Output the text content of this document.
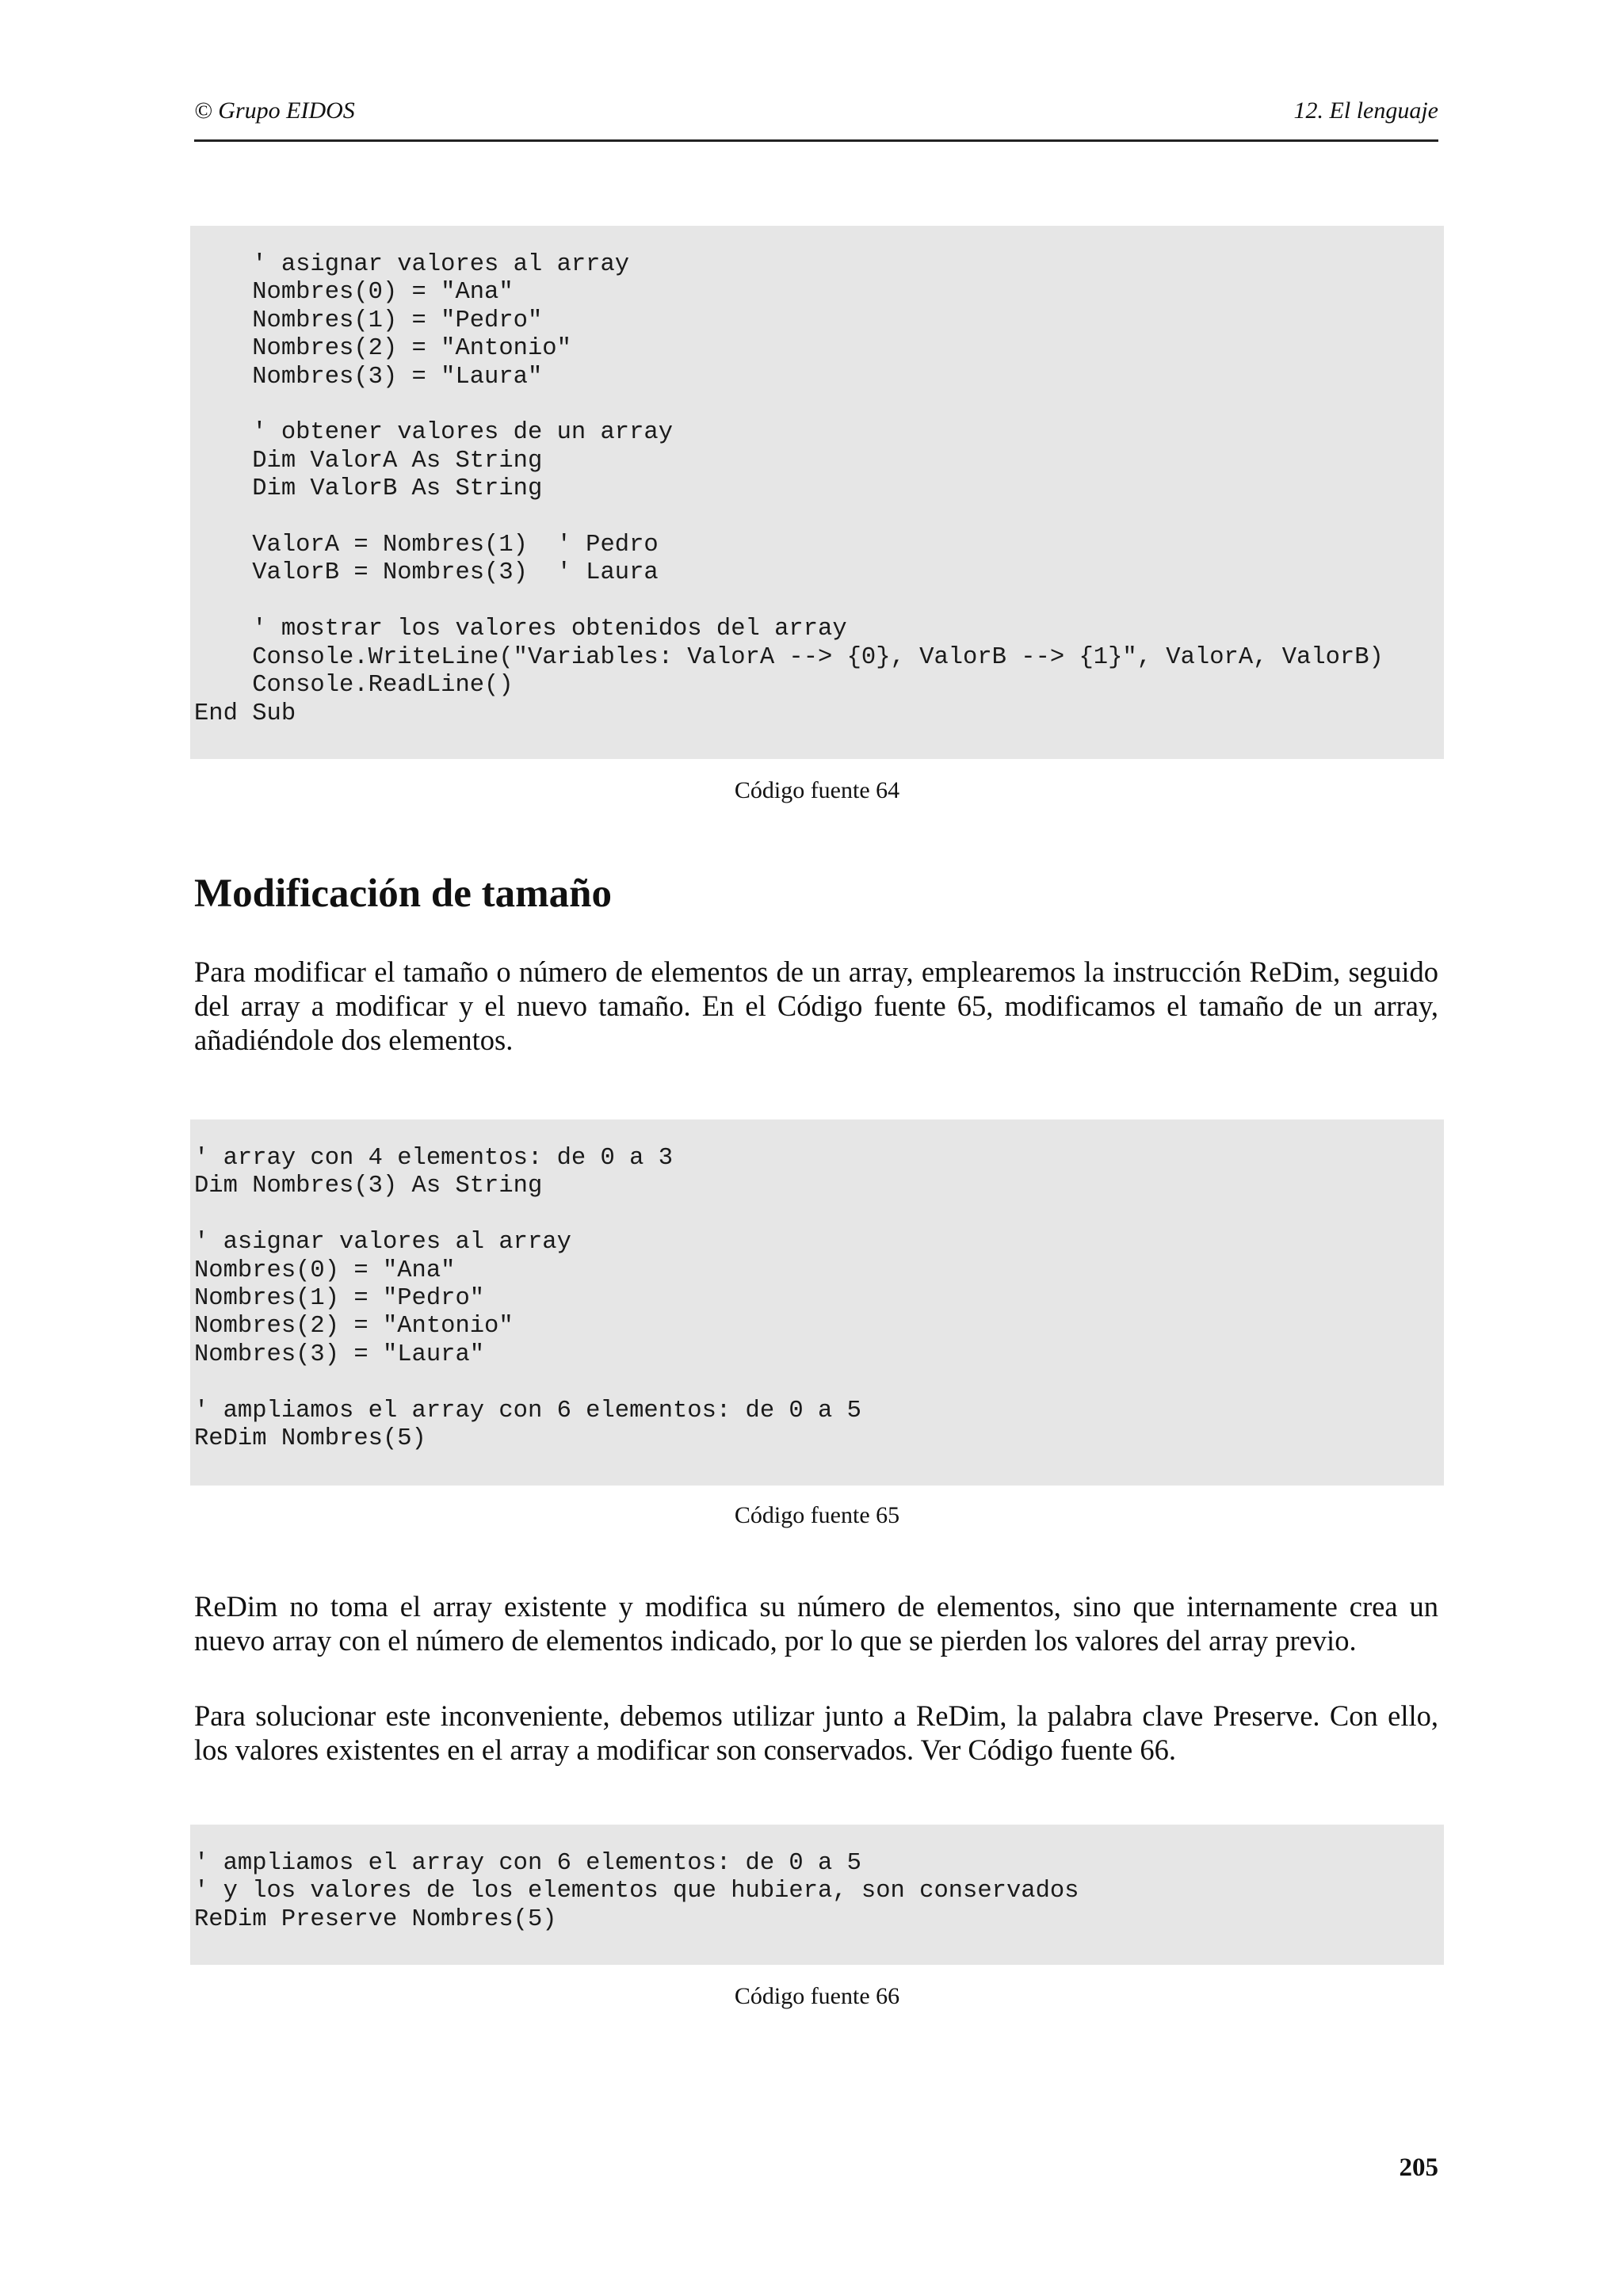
© Grupo EIDOS	12. El lenguaje
' asignar valores al array
Nombres(0) = "Ana"
Nombres(1) = "Pedro"
Nombres(2) = "Antonio"
Nombres(3) = "Laura"

' obtener valores de un array
Dim ValorA As String
Dim ValorB As String

ValorA = Nombres(1)  ' Pedro
ValorB = Nombres(3)  ' Laura

' mostrar los valores obtenidos del array
Console.WriteLine("Variables: ValorA --> {0}, ValorB --> {1}", ValorA, ValorB)
Console.ReadLine()
End Sub
Código fuente 64
Modificación de tamaño

Para modificar el tamaño o número de elementos de un array, emplearemos la instrucción ReDim, seguido del array a modificar y el nuevo tamaño. En el Código fuente 65, modificamos el tamaño de un array, añadiéndole dos elementos.

' array con 4 elementos: de 0 a 3
Dim Nombres(3) As String

' asignar valores al array
Nombres(0) = "Ana"
Nombres(1) = "Pedro"
Nombres(2) = "Antonio"
Nombres(3) = "Laura"

' ampliamos el array con 6 elementos: de 0 a 5
ReDim Nombres(5)
Código fuente 65

ReDim no toma el array existente y modifica su número de elementos, sino que internamente crea un nuevo array con el número de elementos indicado, por lo que se pierden los valores del array previo.

Para solucionar este inconveniente, debemos utilizar junto a ReDim, la palabra clave Preserve. Con ello, los valores existentes en el array a modificar son conservados. Ver Código fuente 66.

' ampliamos el array con 6 elementos: de 0 a 5
' y los valores de los elementos que hubiera, son conservados
ReDim Preserve Nombres(5)
Código fuente 66
205
